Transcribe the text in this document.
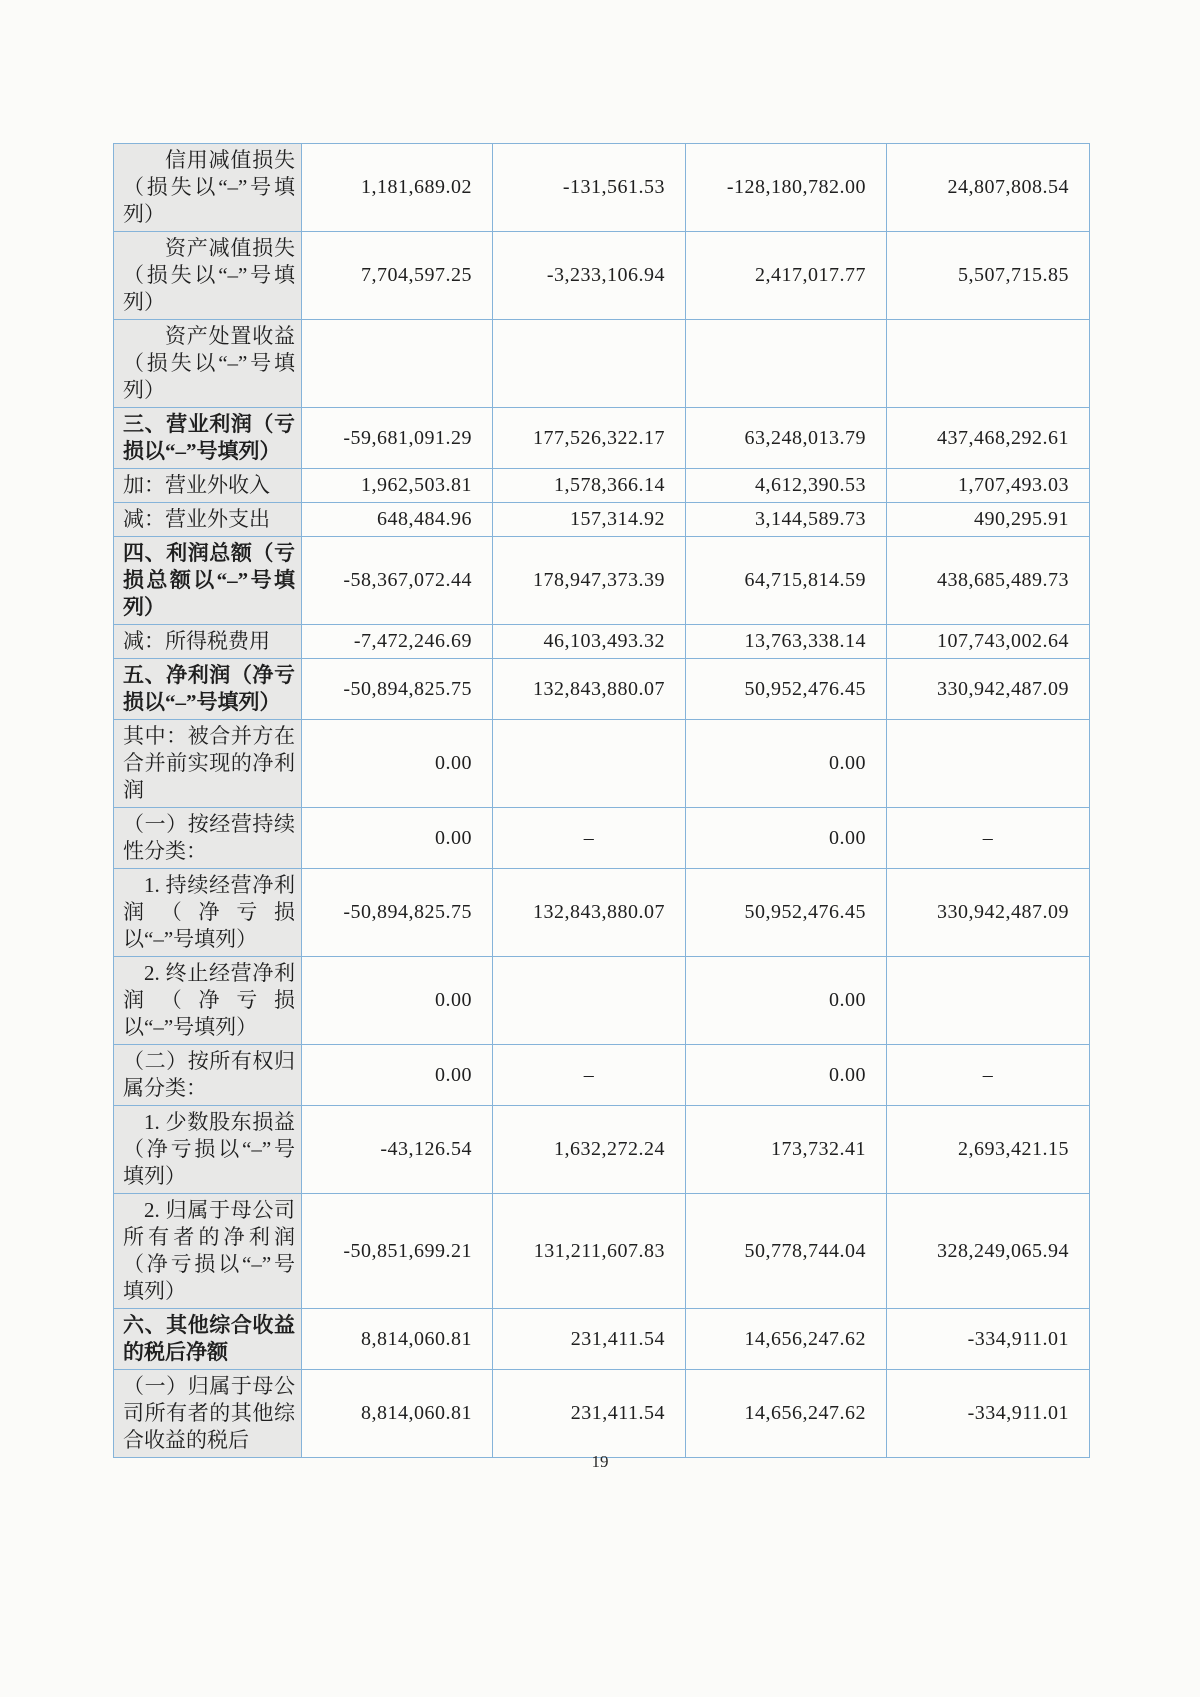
信用减值损失（损失以“–”号填列）	1,181,689.02	-131,561.53	-128,180,782.00	24,807,808.54
资产减值损失（损失以“–”号填列）	7,704,597.25	-3,233,106.94	2,417,017.77	5,507,715.85
资产处置收益（损失以“–”号填列）				
三、营业利润（亏损以“–”号填列）	-59,681,091.29	177,526,322.17	63,248,013.79	437,468,292.61
加：营业外收入	1,962,503.81	1,578,366.14	4,612,390.53	1,707,493.03
减：营业外支出	648,484.96	157,314.92	3,144,589.73	490,295.91
四、利润总额（亏损总额以“–”号填列）	-58,367,072.44	178,947,373.39	64,715,814.59	438,685,489.73
减：所得税费用	-7,472,246.69	46,103,493.32	13,763,338.14	107,743,002.64
五、净利润（净亏损以“–”号填列）	-50,894,825.75	132,843,880.07	50,952,476.45	330,942,487.09
其中：被合并方在合并前实现的净利润	0.00		0.00	
（一）按经营持续性分类：	0.00	–	0.00	–
1. 持续经营净利润（净亏损以“–”号填列）	-50,894,825.75	132,843,880.07	50,952,476.45	330,942,487.09
2. 终止经营净利润（净亏损以“–”号填列）	0.00		0.00	
（二）按所有权归属分类：	0.00	–	0.00	–
1. 少数股东损益（净亏损以“–”号填列）	-43,126.54	1,632,272.24	173,732.41	2,693,421.15
2. 归属于母公司所有者的净利润（净亏损以“–”号填列）	-50,851,699.21	131,211,607.83	50,778,744.04	328,249,065.94
六、其他综合收益的税后净额	8,814,060.81	231,411.54	14,656,247.62	-334,911.01
（一）归属于母公司所有者的其他综合收益的税后	8,814,060.81	231,411.54	14,656,247.62	-334,911.01
19
